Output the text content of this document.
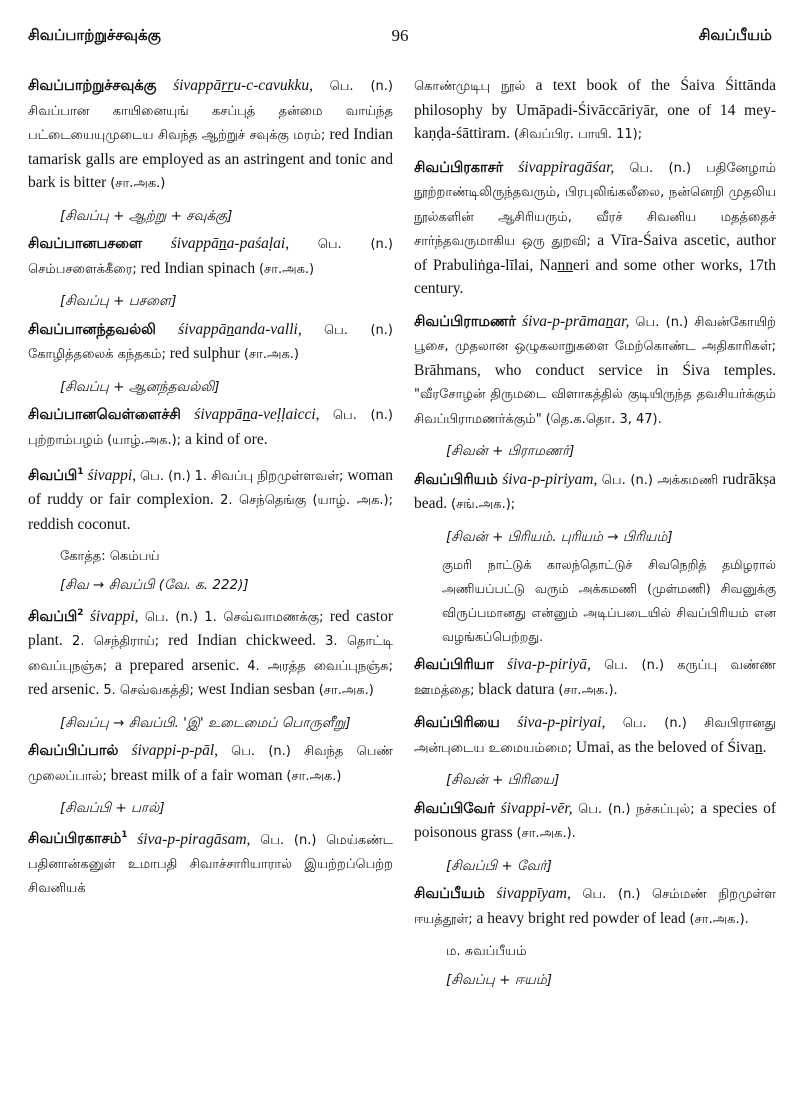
சிவப்பாற்றுச்சவுக்கு	96	சிவப்பீயம்
சிவப்பாற்றுச்சவுக்கு śivappārru-c-cavukku, பெ. (n.) சிவப்பான காயினையுங் கசப்புத் தன்மை வாய்ந்த பட்டையையுமுடைய சிவந்த ஆற்றுச் சவுக்கு மரம்; red Indian tamarisk galls are employed as an astringent and tonic and bark is bitter (சா.அக.)
[சிவப்பு + ஆற்று + சவுக்கு]
சிவப்பானபசளை śivappāna-paśaḷai, பெ. (n.) செம்பசளைக்கீரை; red Indian spinach (சா.அக.)
[சிவப்பு + பசளை]
சிவப்பானந்தவல்லி śivappānanda-valli, பெ. (n.) கோழித்தலைக் கந்தகம்; red sulphur (சா.அக.)
[சிவப்பு + ஆனந்தவல்லி]
சிவப்பானவெள்ளைச்சி śivappāna-veḷḷaicci, பெ. (n.) புற்றாம்பழம் (யாழ்.அக.); a kind of ore.
சிவப்பி$^1$ śivappi, பெ. (n.) 1. சிவப்பு நிறமுள்ளவள்; woman of ruddy or fair complexion. 2. செந்தெங்கு (யாழ். அக.); reddish coconut.
கோத்த: கெம்பய்
[சிவ → சிவப்பி (வே. க. 222)]
சிவப்பி$^2$ śivappi, பெ. (n.) 1. செவ்வாமணக்கு; red castor plant. 2. செந்திராய்; red Indian chickweed. 3. தொட்டி வைப்புநஞ்சு; a prepared arsenic. 4. அரத்த வைப்புநஞ்சு; red arsenic. 5. செவ்வகத்தி; west Indian sesban (சா.அக.)
[சிவப்பு → சிவப்பி. 'இ' உடைமைப் பொருளீறு]
சிவப்பிப்பால் śivappi-p-pāl, பெ. (n.) சிவந்த பெண் முலைப்பால்; breast milk of a fair woman (சா.அக.)
[சிவப்பி + பால்]
சிவப்பிரகாசம்$^1$ śiva-p-piragāsam, பெ. (n.) மெய்கண்ட பதினான்கனுள் உமாபதி சிவாச்சாரியாரால் இயற்றப்பெற்ற சிவனியக்
கொண்முடிபு நூல் a text book of the Śaiva Śittānda philosophy by Umāpadi-Śivāccāriyār, one of 14 mey-kaṇḍa-śāttiram. (சிவப்பிர. பாயி. 11);
சிவப்பிரகாசர் śivappiragāśar, பெ. (n.) பதினேழாம் நூற்றாண்டிலிருந்தவரும், பிரபுலிங்கலீலை, நன்னெறி முதலிய நூல்களின் ஆசிரியரும், வீரச் சிவனிய மதத்தைச் சார்ந்தவருமாகிய ஒரு துறவி; a Vīra-Śaiva ascetic, author of Prabuliṅga-līlai, Nanneri and some other works, 17th century.
சிவப்பிராமணர் śiva-p-prāmanar, பெ. (n.) சிவன்கோயிற் பூசை, முதலான ஒழுகலாறுகளை மேற்கொண்ட அதிகாரிகள்; Brāhmans, who conduct service in Śiva temples. "வீரசோழன் திருமடை விளாகத்தில் குடியிருந்த தவசியர்க்கும் சிவப்பிராமணர்க்கும்" (தெ.க.தொ. 3, 47).
[சிவன் + பிராமணர்]
சிவப்பிரியம் śiva-p-piriyam, பெ. (n.) அக்கமணி rudrākṣa bead. (சங்.அக.);
[சிவன் + பிரியம். புரியம் → பிரியம்]
குமரி நாட்டுக் காலந்தொட்டுச் சிவநெறித் தமிழரால் அணியப்பட்டு வரும் அக்கமணி (முள்மணி) சிவனுக்கு விருப்பமானது என்னும் அடிப்படையில் சிவப்பிரியம் என வழங்கப்பெற்றது.
சிவப்பிரியா śiva-p-piriyā, பெ. (n.) கருப்பு வண்ண ஊமத்தை; black datura (சா.அக.).
சிவப்பிரியை śiva-p-piriyai, பெ. (n.) சிவபிரானது அன்புடைய உமையம்மை; Umai, as the beloved of Śivan.
[சிவன் + பிரியை]
சிவப்பிவேர் śivappi-vēr, பெ. (n.) நச்சுப்புல்; a species of poisonous grass (சா.அக.).
[சிவப்பி + வேர்]
சிவப்பீயம் śivappīyam, பெ. (n.) செம்மண் நிறமுள்ள ஈயத்தூள்; a heavy bright red powder of lead (சா.அக.).
ம. சுவப்பீயம்
[சிவப்பு + ஈயம்]
